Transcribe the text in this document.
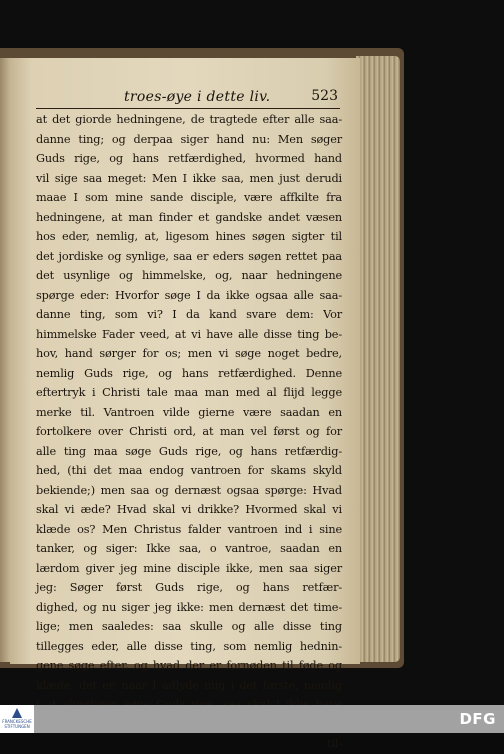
troes-øye i dette liv.	523
at det giorde hedningene, de tragtede efter alle saa-
danne ting; og derpaa siger hand nu: Men søger
Guds rige, og hans retfærdighed, hvormed hand
vil sige saa meget: Men I ikke saa, men just derudi
maae I som mine sande disciple, være affkilte fra
hedningene, at man finder et gandske andet væsen
hos eder, nemlig, at, ligesom hines søgen sigter til
det jordiske og synlige, saa er eders søgen rettet paa
det usynlige og himmelske, og, naar hedningene
spørge eder: Hvorfor søge I da ikke ogsaa alle saa-
danne ting, som vi? I da kand svare dem: Vor
himmelske Fader veed, at vi have alle disse ting be-
hov, hand sørger for os; men vi søge noget bedre,
nemlig Guds rige, og hans retfærdighed. Denne
eftertryk i Christi tale maa man med al flijd legge
merke til. Vantroen vilde gierne være saadan en
fortolkere over Christi ord, at man vel først og for
alle ting maa søge Guds rige, og hans retfærdig-
hed, (thi det maa endog vantroen for skams skyld
bekiende;) men saa og dernæst ogsaa spørge: Hvad
skal vi æde? Hvad skal vi drikke? Hvormed skal vi
klæde os? Men Christus falder vantroen ind i sine
tanker, og siger: Ikke saa, o vantroe, saadan en
lærdom giver jeg mine disciple ikke, men saa siger
jeg: Søger først Guds rige, og hans retfær-
dighed, og nu siger jeg ikke: men dernæst det time-
lige; men saaledes: saa skulle og alle disse ting
tillegges eder, alle disse ting, som nemlig hednin-
gene søge efter, og hvad der er fornøden til føde og
klæde, det er, naar I adlyde mig i det første, nemlig
til-
FRANCKESCHE STIFTUNGEN	DFG
